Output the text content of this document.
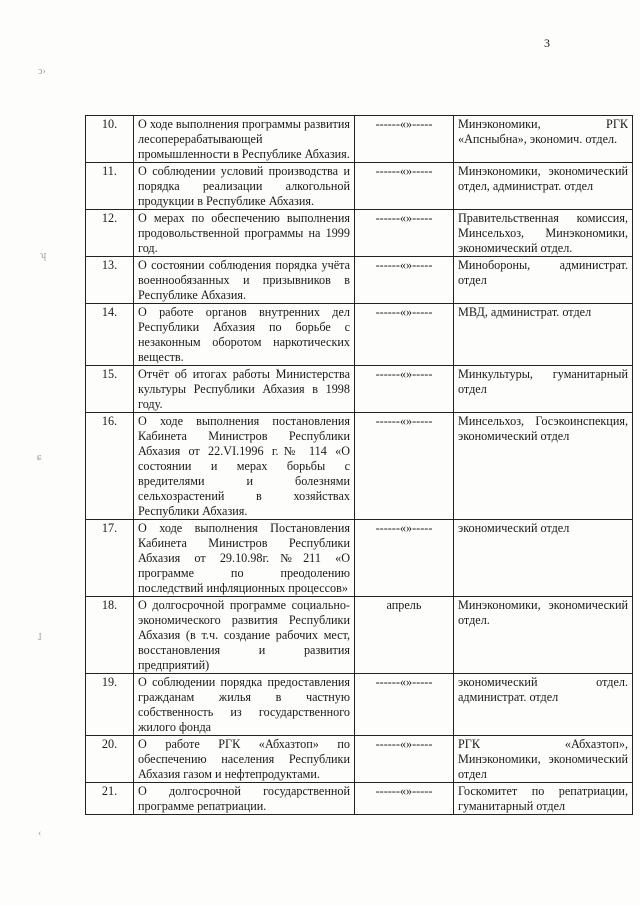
3
ↄ›
ʮ
ɕ
ɺ
‹
10.	О ходе выполнения программы развития лесоперерабатывающей промышленности в Республике Абхазия.	------«»-----	Минэкономики, РГК «Апсныбна», экономич. отдел.
11.	О соблюдении условий производства и порядка реализации алкогольной продукции в Республике Абхазия.	------«»-----	Минэкономики, экономический отдел, администрат. отдел
12.	О мерах по обеспечению выполнения продовольственной программы на 1999 год.	------«»-----	Правительственная комиссия, Минсельхоз, Минэкономики, экономический отдел.
13.	О состоянии соблюдения порядка учёта военнообязанных и призывников в Республике Абхазия.	------«»-----	Минобороны, администрат. отдел
14.	О работе органов внутренних дел Республики Абхазия по борьбе с незаконным оборотом наркотических веществ.	------«»-----	МВД, администрат. отдел
15.	Отчёт об итогах работы Министерства культуры Республики Абхазия в 1998 году.	------«»-----	Минкультуры, гуманитарный отдел
16.	О ходе выполнения постановления Кабинета Министров Республики Абхазия от 22.VI.1996 г.№ 114 «О состоянии и мерах борьбы с вредителями и болезнями сельхозрастений в хозяйствах Республики Абхазия.	------«»-----	Минсельхоз, Госэкоинспекция, экономический отдел
17.	О ходе выполнения Постановления Кабинета Министров Республики Абхазия от 29.10.98г.№211 «О программе по преодолению последствий инфляционных процессов»	------«»-----	экономический отдел
18.	О долгосрочной программе социально-экономического развития Республики Абхазия (в т.ч. создание рабочих мест, восстановления и развития предприятий)	апрель	Минэкономики, экономический отдел.
19.	О соблюдении порядка предоставления гражданам жилья в частную собственность из государственного жилого фонда	------«»-----	экономический отдел. администрат. отдел
20.	О работе РГК «Абхазтоп» по обеспечению населения Республики Абхазия газом и нефтепродуктами.	------«»-----	РГК «Абхазтоп», Минэкономики, экономический отдел
21.	О долгосрочной государственной программе репатриации.	------«»-----	Госкомитет по репатриации, гуманитарный отдел
